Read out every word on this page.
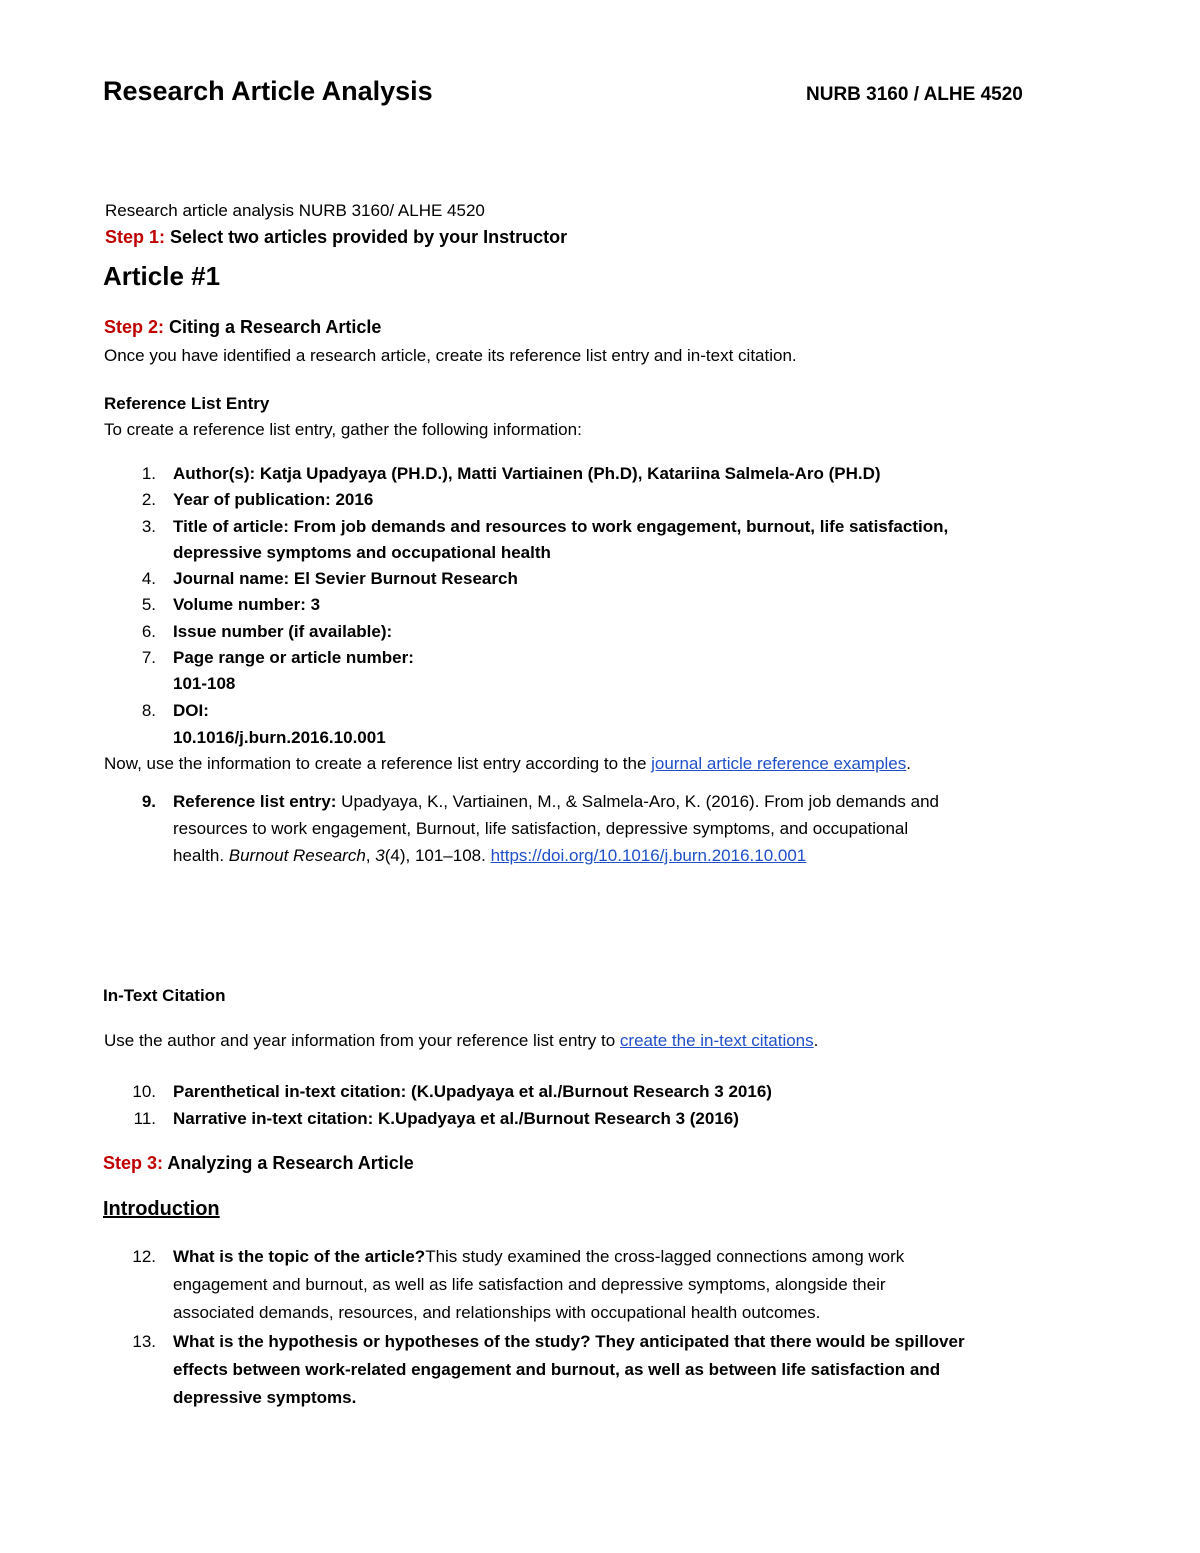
Research Article Analysis	NURB 3160 / ALHE 4520
Research article analysis NURB 3160/ ALHE 4520
Step 1: Select two articles provided by your Instructor
Article #1
Step 2: Citing a Research Article
Once you have identified a research article, create its reference list entry and in-text citation.
Reference List Entry
To create a reference list entry, gather the following information:
1. Author(s): Katja Upadyaya (PH.D.), Matti Vartiainen (Ph.D), Katariina Salmela-Aro (PH.D)
2. Year of publication: 2016
3. Title of article: From job demands and resources to work engagement, burnout, life satisfaction,
depressive symptoms and occupational health
4. Journal name: El Sevier Burnout Research
5. Volume number: 3
6. Issue number (if available):
7. Page range or article number:
101-108
8. DOI:
10.1016/j.burn.2016.10.001
Now, use the information to create a reference list entry according to the journal article reference examples.
9. Reference list entry: Upadyaya, K., Vartiainen, M., & Salmela-Aro, K. (2016). From job demands and
resources to work engagement, Burnout, life satisfaction, depressive symptoms, and occupational
health. Burnout Research, 3(4), 101–108. https://doi.org/10.1016/j.burn.2016.10.001
In-Text Citation
Use the author and year information from your reference list entry to create the in-text citations.
10. Parenthetical in-text citation: (K.Upadyaya et al./Burnout Research 3 2016)
11. Narrative in-text citation: K.Upadyaya et al./Burnout Research 3 (2016)
Step 3: Analyzing a Research Article
Introduction
12. What is the topic of the article?This study examined the cross-lagged connections among work
engagement and burnout, as well as life satisfaction and depressive symptoms, alongside their
associated demands, resources, and relationships with occupational health outcomes.
13. What is the hypothesis or hypotheses of the study? They anticipated that there would be spillover
effects between work-related engagement and burnout, as well as between life satisfaction and
depressive symptoms.
